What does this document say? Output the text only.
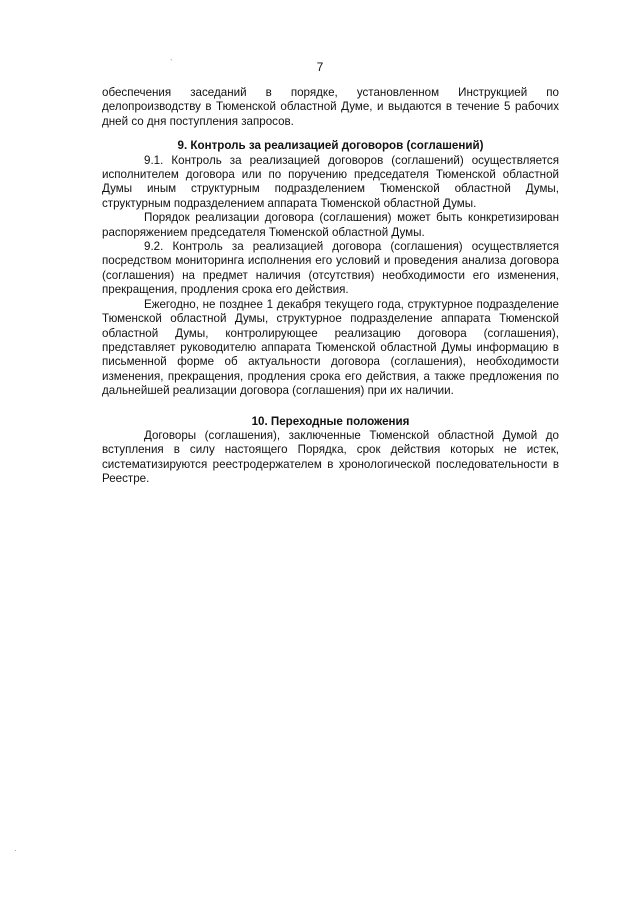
`	7

обеспечения заседаний в порядке, установленном Инструкцией по делопроизводству в Тюменской областной Думе, и выдаются в течение 5 рабочих дней со дня поступления запросов.

9. Контроль за реализацией договоров (соглашений)

9.1. Контроль за реализацией договоров (соглашений) осуществляется исполнителем договора или по поручению председателя Тюменской областной Думы иным структурным подразделением Тюменской областной Думы, структурным подразделением аппарата Тюменской областной Думы.

Порядок реализации договора (соглашения) может быть конкретизирован распоряжением председателя Тюменской областной Думы.

9.2. Контроль за реализацией договора (соглашения) осуществляется посредством мониторинга исполнения его условий и проведения анализа договора (соглашения) на предмет наличия (отсутствия) необходимости его изменения, прекращения, продления срока его действия.

Ежегодно, не позднее 1 декабря текущего года, структурное подразделение Тюменской областной Думы, структурное подразделение аппарата Тюменской областной Думы, контролирующее реализацию договора (соглашения), представляет руководителю аппарата Тюменской областной Думы информацию в письменной форме об актуальности договора (соглашения), необходимости изменения, прекращения, продления срока его действия, а также предложения по дальнейшей реализации договора (соглашения) при их наличии.

10. Переходные положения

Договоры (соглашения), заключенные Тюменской областной Думой до вступления в силу настоящего Порядка, срок действия которых не истек, систематизируются реестродержателем в хронологической последовательности в Реестре.

·
